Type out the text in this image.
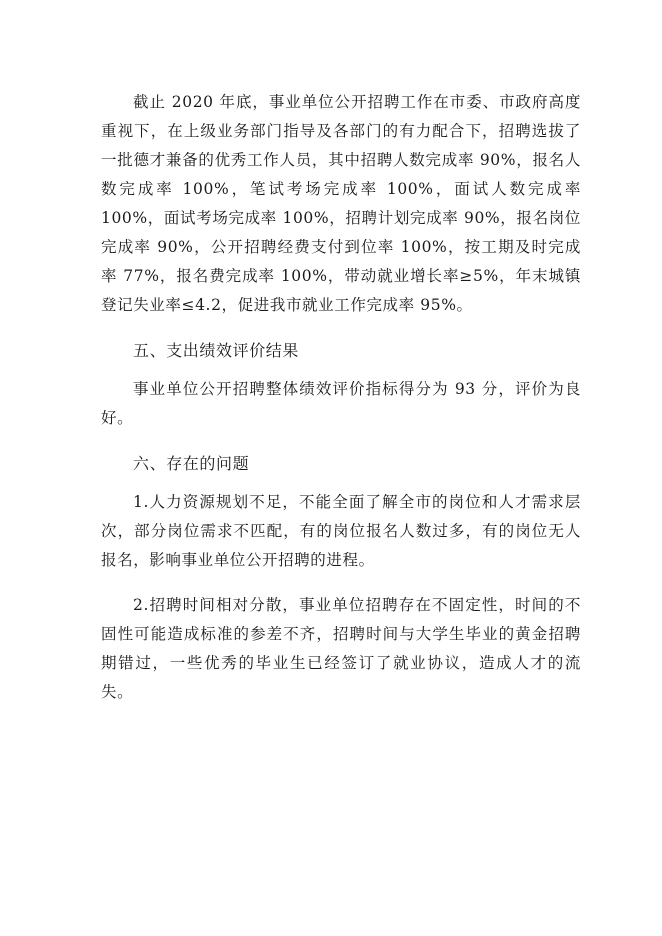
截止 2020 年底，事业单位公开招聘工作在市委、市政府高度重视下，在上级业务部门指导及各部门的有力配合下，招聘选拔了一批德才兼备的优秀工作人员，其中招聘人数完成率 90%，报名人数完成率 100%，笔试考场完成率 100%，面试人数完成率 100%，面试考场完成率 100%，招聘计划完成率 90%，报名岗位完成率 90%，公开招聘经费支付到位率 100%，按工期及时完成率 77%，报名费完成率 100%，带动就业增长率≥5%，年末城镇登记失业率≤4.2，促进我市就业工作完成率 95%。

五、支出绩效评价结果

事业单位公开招聘整体绩效评价指标得分为 93 分，评价为良好。

六、存在的问题

1.人力资源规划不足，不能全面了解全市的岗位和人才需求层次，部分岗位需求不匹配，有的岗位报名人数过多，有的岗位无人报名，影响事业单位公开招聘的进程。

2.招聘时间相对分散，事业单位招聘存在不固定性，时间的不固性可能造成标准的参差不齐，招聘时间与大学生毕业的黄金招聘期错过，一些优秀的毕业生已经签订了就业协议，造成人才的流失。
